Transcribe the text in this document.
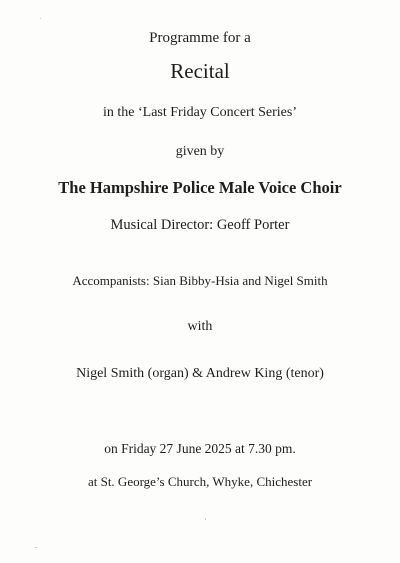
Programme for a
Recital
in the ‘Last Friday Concert Series’
given by
The Hampshire Police Male Voice Choir
Musical Director: Geoff Porter
Accompanists: Sian Bibby-Hsia and Nigel Smith
with
Nigel Smith (organ) & Andrew King (tenor)
on Friday 27 June 2025 at 7.30 pm.
at St. George’s Church, Whyke, Chichester
